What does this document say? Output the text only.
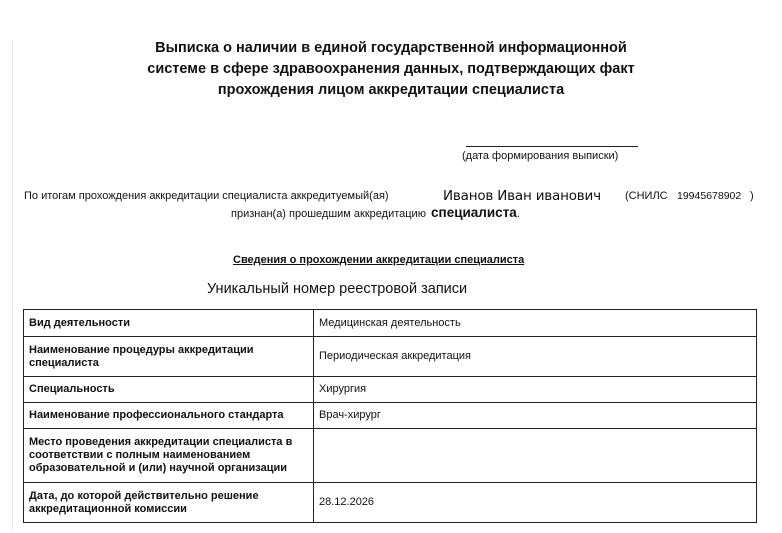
Выписка о наличии в единой государственной информационной
системе в сфере здравоохранения данных, подтверждающих факт
прохождения лицом аккредитации специалиста
(дата формирования выписки)
По итогам прохождения аккредитации специалиста аккредитуемый(ая)	Иванов Иван иванович (СНИЛС 19945678902 )
признан(а) прошедшим аккредитацию специалиста.
Сведения о прохождении аккредитации специалиста
Уникальный номер реестровой записи
Вид деятельности	Медицинская деятельность
Наименование процедуры аккредитации специалиста	Периодическая аккредитация
Специальность	Хирургия
Наименование профессионального стандарта	Врач-хирург
Место проведения аккредитации специалиста в соответствии с полным наименованием образовательной и (или) научной организации	
Дата, до которой действительно решение аккредитационной комиссии	28.12.2026
